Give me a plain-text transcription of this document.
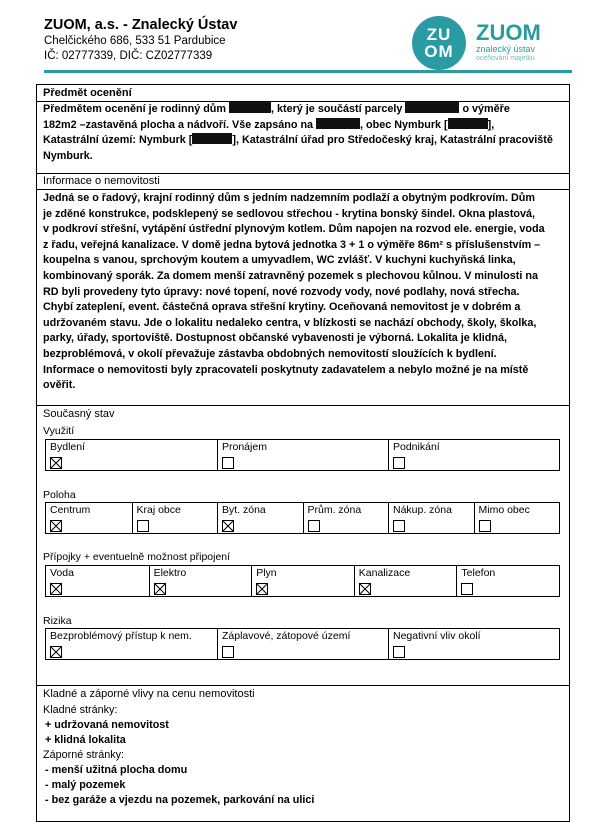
ZUOM, a.s. - Znalecký Ústav
Chelčického 686, 533 51 Pardubice
IČ: 02777339, DIČ: CZ02777339
ZU
OM
ZUOM
znalecký ústav
oceňování majetku
Předmět ocenění
Předmětem ocenění je rodinný dům	, který je součástí parcely	o výměře
182m2 –zastavěná plocha a nádvoří. Vše zapsáno na	, obec Nymburk [	],
Katastrální území: Nymburk [	], Katastrální úřad pro Středočeský kraj, Katastrální pracoviště
Nymburk.
Informace o nemovitosti
Jedná se o řadový, krajní rodinný dům s jedním nadzemním podlaží a obytným podkrovím. Dům
je zděné konstrukce, podsklepený se sedlovou střechou - krytina bonský šindel. Okna plastová,
v podkroví střešní, vytápění ústřední plynovým kotlem. Dům napojen na rozvod ele. energie, voda
z řadu, veřejná kanalizace. V domě jedna bytová jednotka 3 + 1 o výměře 86m² s příslušenstvím –
koupelna s vanou, sprchovým koutem a umyvadlem, WC zvlášť. V kuchyni kuchyňská linka,
kombinovaný sporák. Za domem menší zatravněný pozemek s plechovou kůlnou. V minulosti na
RD byli provedeny tyto úpravy: nové topení, nové rozvody vody, nové podlahy, nová střecha.
Chybí zateplení, event. částečná oprava střešní krytiny. Oceňovaná nemovitost je v dobrém a
udržovaném stavu. Jde o lokalitu nedaleko centra, v blízkosti se nachází obchody, školy, školka,
parky, úřady, sportoviště. Dostupnost občanské vybavenosti je výborná. Lokalita je klidná,
bezproblémová, v okolí převažuje zástavba obdobných nemovitostí sloužících k bydlení.
Informace o nemovitosti byly zpracovateli poskytnuty zadavatelem a nebylo možné je na místě
ověřit.
Současný stav
Využití
Bydlení	Pronájem	Podnikání
Poloha
Centrum	Kraj obce	Byt. zóna	Prům. zóna	Nákup. zóna	Mimo obec
Přípojky + eventuelně možnost připojení
Voda	Elektro	Plyn	Kanalizace	Telefon
Rizika
Bezproblémový přístup k nem.	Záplavové, zátopové území	Negativní vliv okolí
Kladné a záporné vlivy na cenu nemovitosti
Kladné stránky:
+ udržovaná nemovitost
+ klidná lokalita
Záporné stránky:
- menší užitná plocha domu
- malý pozemek
- bez garáže a vjezdu na pozemek, parkování na ulici
